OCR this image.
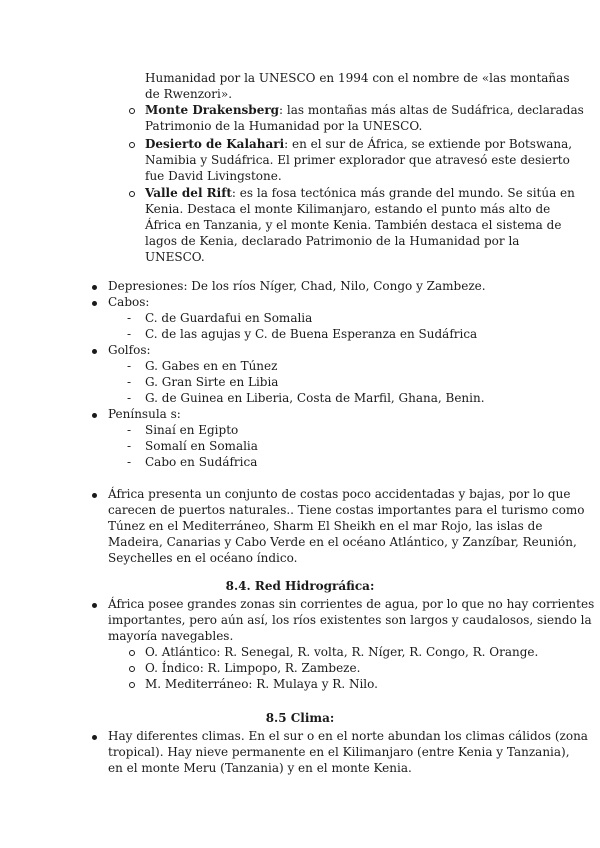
Humanidad por la UNESCO en 1994 con el nombre de «las montañas
de Rwenzori».
Monte Drakensberg: las montañas más altas de Sudáfrica, declaradas
Patrimonio de la Humanidad por la UNESCO.
Desierto de Kalahari: en el sur de África, se extiende por Botswana,
Namibia y Sudáfrica. El primer explorador que atravesó este desierto
fue David Livingstone.
Valle del Rift: es la fosa tectónica más grande del mundo. Se sitúa en
Kenia. Destaca el monte Kilimanjaro, estando el punto más alto de
África en Tanzania, y el monte Kenia. También destaca el sistema de
lagos de Kenia, declarado Patrimonio de la Humanidad por la
UNESCO.
Depresiones: De los ríos Níger, Chad, Nilo, Congo y Zambeze.
Cabos:
- C. de Guardafui en Somalia
- C. de las agujas y C. de Buena Esperanza en Sudáfrica
Golfos:
- G. Gabes en en Túnez
- G. Gran Sirte en Libia
- G. de Guinea en Liberia, Costa de Marfil, Ghana, Benin.
Península s:
- Sinaí en Egipto
- Somalí en Somalia
- Cabo en Sudáfrica
África presenta un conjunto de costas poco accidentadas y bajas, por lo que
carecen de puertos naturales.. Tiene costas importantes para el turismo como
Túnez en el Mediterráneo, Sharm El Sheikh en el mar Rojo, las islas de
Madeira, Canarias y Cabo Verde en el océano Atlántico, y Zanzíbar, Reunión,
Seychelles en el océano índico.
8.4. Red Hidrográfica:
África posee grandes zonas sin corrientes de agua, por lo que no hay corrientes
importantes, pero aún así, los ríos existentes son largos y caudalosos, siendo la
mayoría navegables.
O. Atlántico: R. Senegal, R. volta, R. Níger, R. Congo, R. Orange.
O. Índico: R. Limpopo, R. Zambeze.
M. Mediterráneo: R. Mulaya y R. Nilo.
8.5 Clima:
Hay diferentes climas. En el sur o en el norte abundan los climas cálidos (zona
tropical). Hay nieve permanente en el Kilimanjaro (entre Kenia y Tanzania),
en el monte Meru (Tanzania) y en el monte Kenia.
